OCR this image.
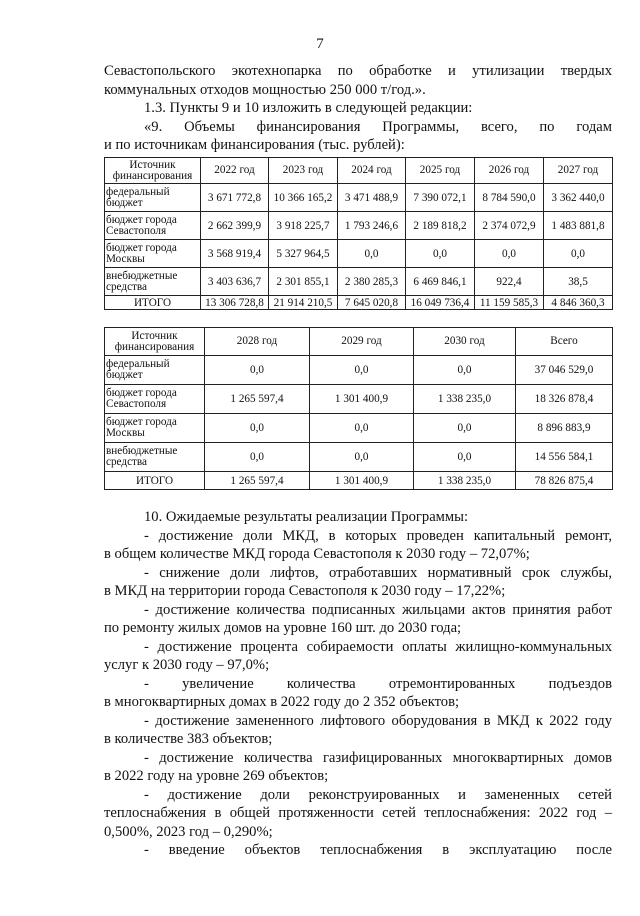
7
Севастопольского экотехнопарка по обработке и утилизации твердых
коммунальных отходов мощностью 250 000 т/год.».
1.3. Пункты 9 и 10 изложить в следующей редакции:
«9. Объемы финансирования Программы, всего, по годам
и по источникам финансирования (тыс. рублей):
Источник финансирования	2022 год	2023 год	2024 год	2025 год	2026 год	2027 год
федеральный бюджет	3 671 772,8	10 366 165,2	3 471 488,9	7 390 072,1	8 784 590,0	3 362 440,0
бюджет города Севастополя	2 662 399,9	3 918 225,7	1 793 246,6	2 189 818,2	2 374 072,9	1 483 881,8
бюджет города Москвы	3 568 919,4	5 327 964,5	0,0	0,0	0,0	0,0
внебюджетные средства	3 403 636,7	2 301 855,1	2 380 285,3	6 469 846,1	922,4	38,5
ИТОГО	13 306 728,8	21 914 210,5	7 645 020,8	16 049 736,4	11 159 585,3	4 846 360,3
Источник финансирования	2028 год	2029 год	2030 год	Всего
федеральный бюджет	0,0	0,0	0,0	37 046 529,0
бюджет города Севастополя	1 265 597,4	1 301 400,9	1 338 235,0	18 326 878,4
бюджет города Москвы	0,0	0,0	0,0	8 896 883,9
внебюджетные средства	0,0	0,0	0,0	14 556 584,1
ИТОГО	1 265 597,4	1 301 400,9	1 338 235,0	78 826 875,4
10. Ожидаемые результаты реализации Программы:
- достижение доли МКД, в которых проведен капитальный ремонт,
в общем количестве МКД города Севастополя к 2030 году – 72,07%;
- снижение доли лифтов, отработавших нормативный срок службы,
в МКД на территории города Севастополя к 2030 году – 17,22%;
- достижение количества подписанных жильцами актов принятия работ
по ремонту жилых домов на уровне 160 шт. до 2030 года;
- достижение процента собираемости оплаты жилищно-коммунальных
услуг к 2030 году – 97,0%;
- увеличение количества отремонтированных подъездов
в многоквартирных домах в 2022 году до 2 352 объектов;
- достижение замененного лифтового оборудования в МКД к 2022 году
в количестве 383 объектов;
- достижение количества газифицированных многоквартирных домов
в 2022 году на уровне 269 объектов;
- достижение доли реконструированных и замененных сетей
теплоснабжения в общей протяженности сетей теплоснабжения: 2022 год –
0,500%, 2023 год – 0,290%;
- введение объектов теплоснабжения в эксплуатацию после
